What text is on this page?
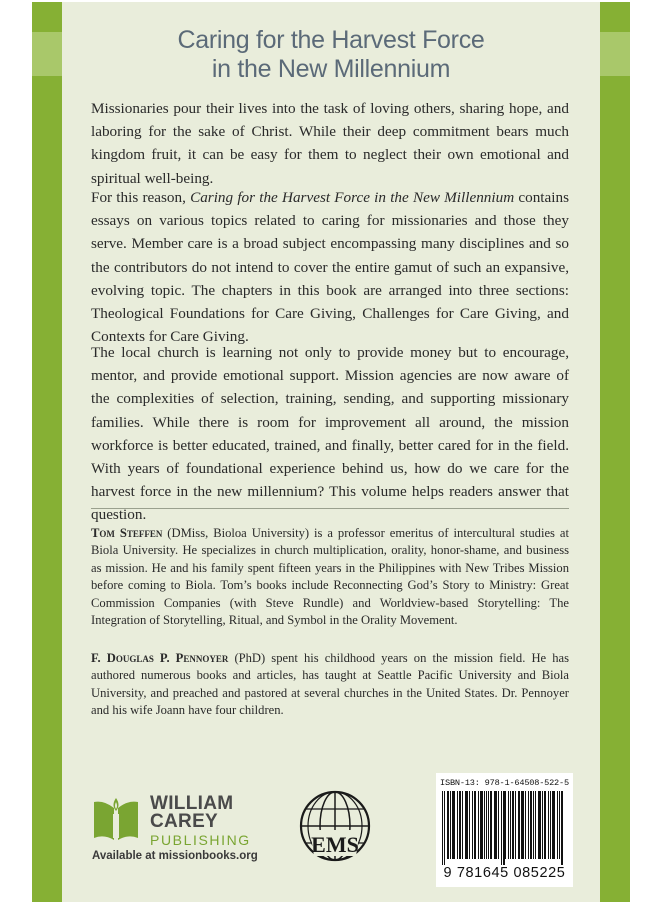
Caring for the Harvest Force
in the New Millennium

Missionaries pour their lives into the task of loving others, sharing hope, and laboring for the sake of Christ. While their deep commitment bears much kingdom fruit, it can be easy for them to neglect their own emotional and spiritual well-being.

For this reason, Caring for the Harvest Force in the New Millennium contains essays on various topics related to caring for missionaries and those they serve. Member care is a broad subject encompassing many disciplines and so the contributors do not intend to cover the entire gamut of such an expansive, evolving topic. The chapters in this book are arranged into three sections: Theological Foundations for Care Giving, Challenges for Care Giving, and Contexts for Care Giving.

The local church is learning not only to provide money but to encourage, mentor, and provide emotional support. Mission agencies are now aware of the complexities of selection, training, sending, and supporting missionary families. While there is room for improvement all around, the mission workforce is better educated, trained, and finally, better cared for in the field. With years of foundational experience behind us, how do we care for the harvest force in the new millennium? This volume helps readers answer that question.

Tom Steffen (DMiss, Bioloa University) is a professor emeritus of intercultural studies at Biola University. He specializes in church multiplication, orality, honor-shame, and business as mission. He and his family spent fifteen years in the Philippines with New Tribes Mission before coming to Biola. Tom’s books include Reconnecting God’s Story to Ministry: Great Commission Companies (with Steve Rundle) and Worldview-based Storytelling: The Integration of Storytelling, Ritual, and Symbol in the Orality Movement.

F. Douglas P. Pennoyer (PhD) spent his childhood years on the mission field. He has authored numerous books and articles, has taught at Seattle Pacific University and Biola University, and preached and pastored at several churches in the United States. Dr. Pennoyer and his wife Joann have four children.

WILLIAM
CAREY
PUBLISHING
Available at missionbooks.org EMS
ISBN-13: 978-1-64508-522-5
9 781645 085225
